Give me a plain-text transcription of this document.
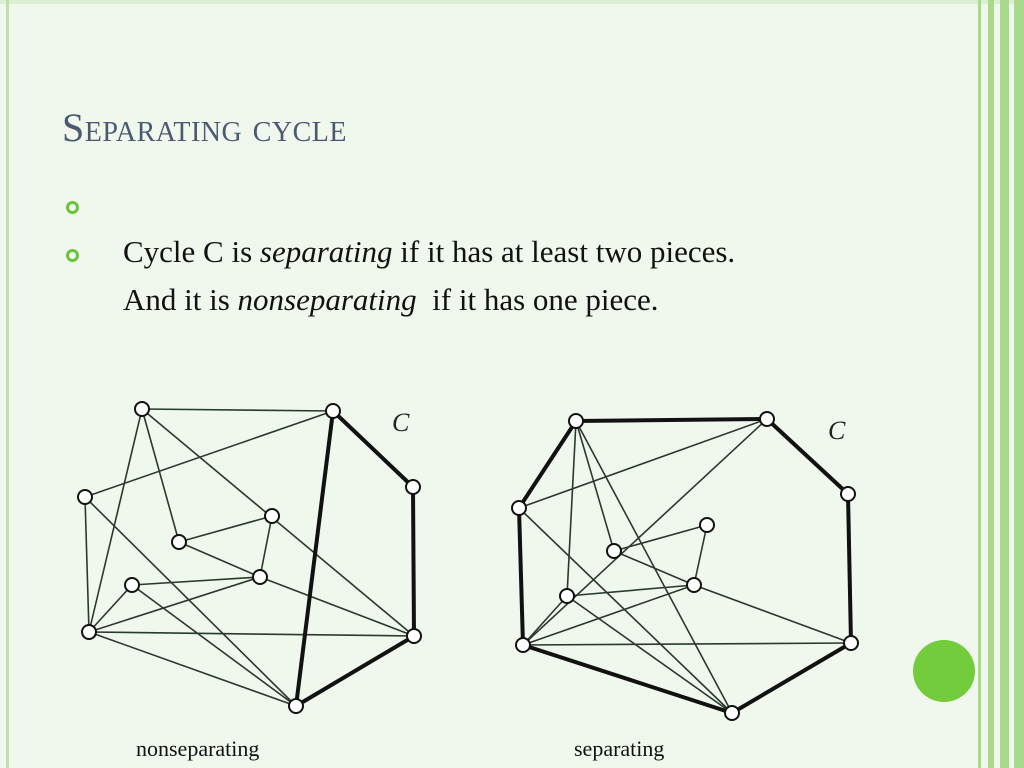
Separating cycle

Cycle C is separating if it has at least two pieces.

And it is nonseparating  if it has one piece.

C	C
nonseparating	separating
